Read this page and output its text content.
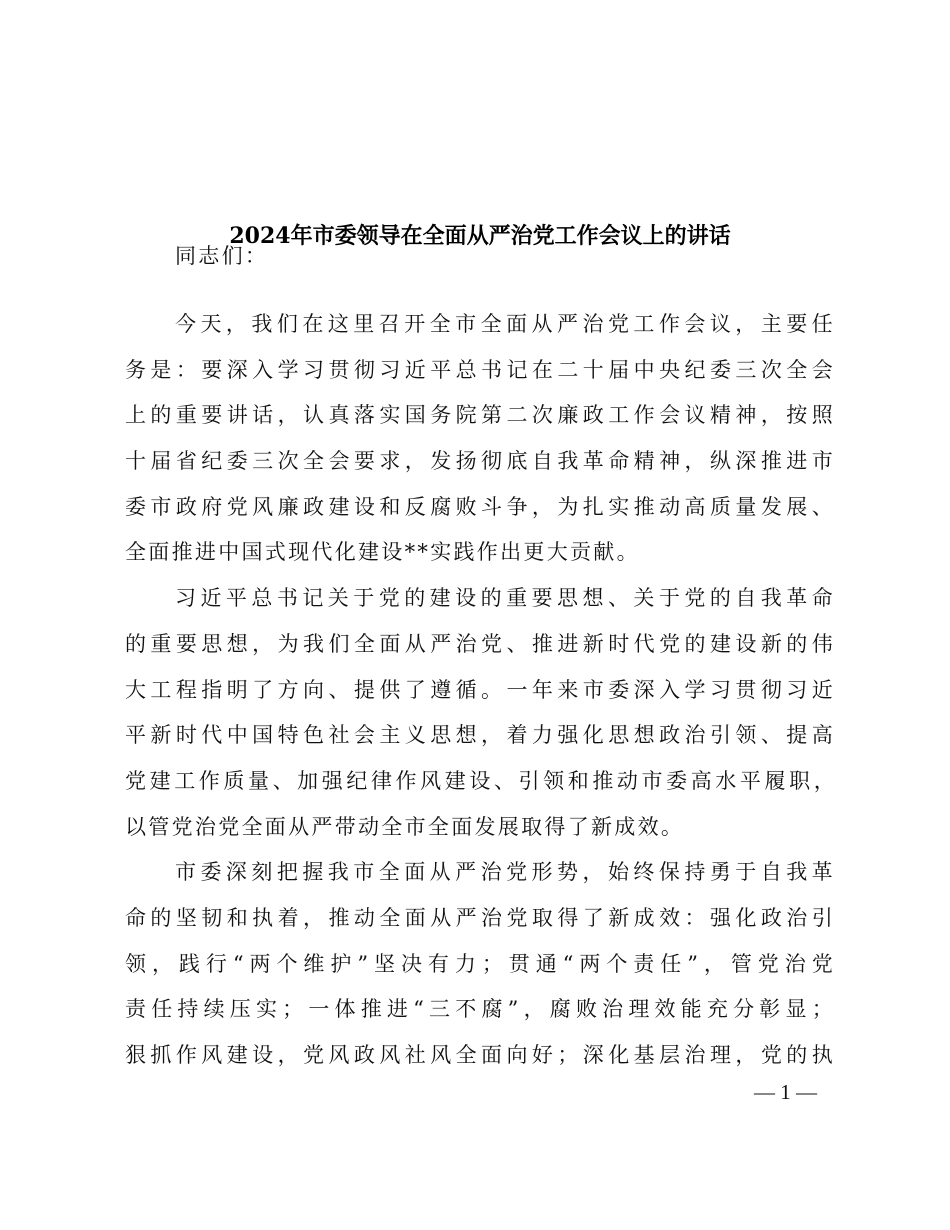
2024年市委领导在全面从严治党工作会议上的讲话
同志们：
今天，我们在这里召开全市全面从严治党工作会议，主要任
务是：要深入学习贯彻习近平总书记在二十届中央纪委三次全会
上的重要讲话，认真落实国务院第二次廉政工作会议精神，按照
十届省纪委三次全会要求，发扬彻底自我革命精神，纵深推进市
委市政府党风廉政建设和反腐败斗争，为扎实推动高质量发展、
全面推进中国式现代化建设**实践作出更大贡献。
习近平总书记关于党的建设的重要思想、关于党的自我革命
的重要思想，为我们全面从严治党、推进新时代党的建设新的伟
大工程指明了方向、提供了遵循。一年来市委深入学习贯彻习近
平新时代中国特色社会主义思想，着力强化思想政治引领、提高
党建工作质量、加强纪律作风建设、引领和推动市委高水平履职，
以管党治党全面从严带动全市全面发展取得了新成效。
市委深刻把握我市全面从严治党形势，始终保持勇于自我革
命的坚韧和执着，推动全面从严治党取得了新成效：强化政治引
领，践行“两个维护”坚决有力；贯通“两个责任”，管党治党
责任持续压实；一体推进“三不腐”，腐败治理效能充分彰显；
狠抓作风建设，党风政风社风全面向好；深化基层治理，党的执
— 1 —
